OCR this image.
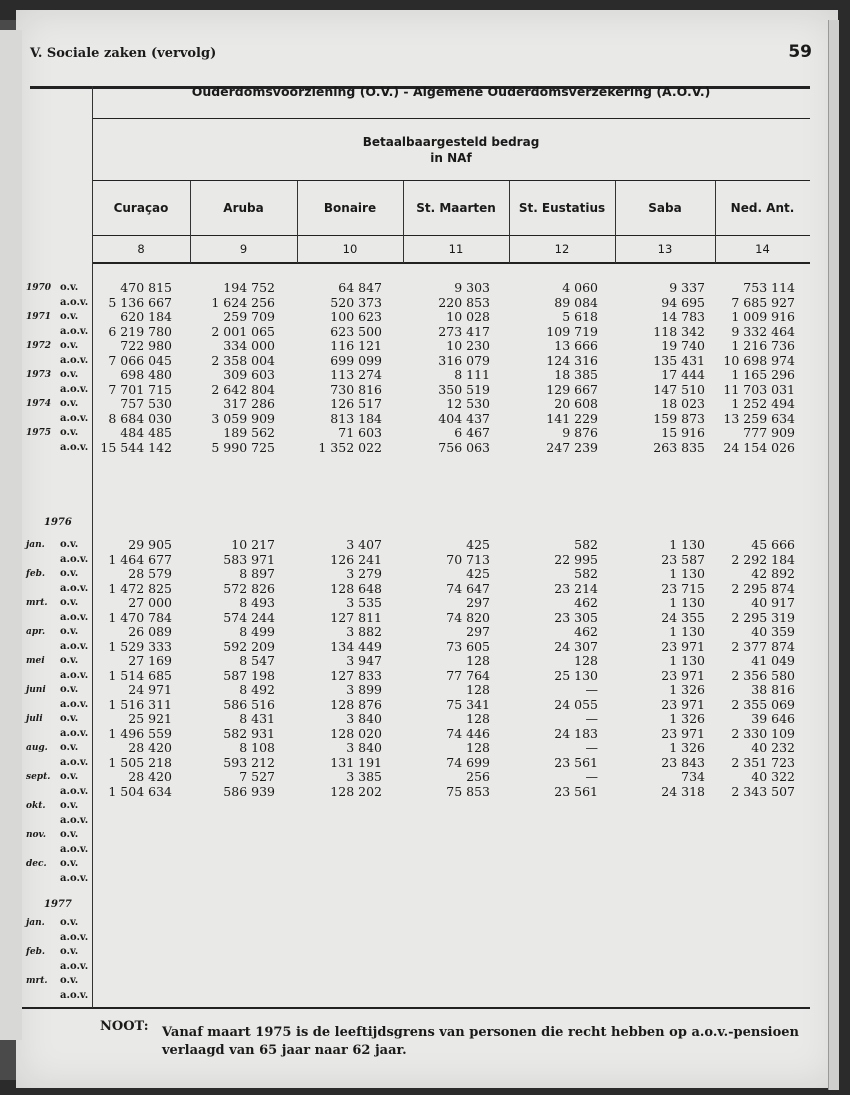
V. Sociale zaken (vervolg)	59
Ouderdomsvoorziening (O.V.) - Algemene Ouderdomsverzekering (A.O.V.)
Betaalbaargesteld bedrag
in NAf
Curaçao
8
Aruba
9
Bonaire
10
St. Maarten
11
St. Eustatius
12
Saba
13
Ned. Ant.
14
1970 o.v.
a.o.v.
1971 o.v.
a.o.v.
1972 o.v.
a.o.v.
1973 o.v.
a.o.v.
1974 o.v.
a.o.v.
1975 o.v.
a.o.v.
1976
jan. o.v.
a.o.v.
feb. o.v.
a.o.v.
mrt. o.v.
a.o.v.
apr. o.v.
a.o.v.
mei o.v.
a.o.v.
juni o.v.
a.o.v.
juli o.v.
a.o.v.
aug. o.v.
a.o.v.
sept. o.v.
a.o.v.
okt. o.v.
a.o.v.
nov. o.v.
a.o.v.
dec. o.v.
a.o.v.
1977
jan. o.v.
a.o.v.
feb. o.v.
a.o.v.
mrt. o.v.
a.o.v.
470 815
5 136 667
620 184
6 219 780
722 980
7 066 045
698 480
7 701 715
757 530
8 684 030
484 485
15 544 142
29 905
1 464 677
28 579
1 472 825
27 000
1 470 784
26 089
1 529 333
27 169
1 514 685
24 971
1 516 311
25 921
1 496 559
28 420
1 505 218
28 420
1 504 634
194 752
1 624 256
259 709
2 001 065
334 000
2 358 004
309 603
2 642 804
317 286
3 059 909
189 562
5 990 725
10 217
583 971
8 897
572 826
8 493
574 244
8 499
592 209
8 547
587 198
8 492
586 516
8 431
582 931
8 108
593 212
7 527
586 939
64 847
520 373
100 623
623 500
116 121
699 099
113 274
730 816
126 517
813 184
71 603
1 352 022
3 407
126 241
3 279
128 648
3 535
127 811
3 882
134 449
3 947
127 833
3 899
128 876
3 840
128 020
3 840
131 191
3 385
128 202
9 303
220 853
10 028
273 417
10 230
316 079
8 111
350 519
12 530
404 437
6 467
756 063
425
70 713
425
74 647
297
74 820
297
73 605
128
77 764
128
75 341
128
74 446
128
74 699
256
75 853
4 060
89 084
5 618
109 719
13 666
124 316
18 385
129 667
20 608
141 229
9 876
247 239
582
22 995
582
23 214
462
23 305
462
24 307
128
25 130
—
24 055
—
24 183
—
23 561
—
23 561
9 337
94 695
14 783
118 342
19 740
135 431
17 444
147 510
18 023
159 873
15 916
263 835
1 130
23 587
1 130
23 715
1 130
24 355
1 130
23 971
1 130
23 971
1 326
23 971
1 326
23 971
1 326
23 843
734
24 318
753 114
7 685 927
1 009 916
9 332 464
1 216 736
10 698 974
1 165 296
11 703 031
1 252 494
13 259 634
777 909
24 154 026
45 666
2 292 184
42 892
2 295 874
40 917
2 295 319
40 359
2 377 874
41 049
2 356 580
38 816
2 355 069
39 646
2 330 109
40 232
2 351 723
40 322
2 343 507
NOOT: Vanaf maart 1975 is de leeftijdsgrens van personen die recht hebben op a.o.v.-pensioen verlaagd van 65 jaar naar 62 jaar.
